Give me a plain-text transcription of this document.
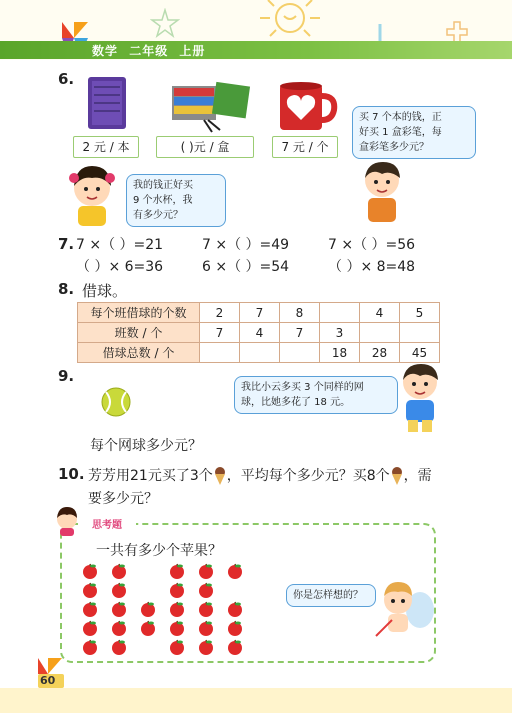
数学 二年级 上册
6.
2 元 / 本	( )元 / 盒	7 元 / 个
买 7 个本的钱，正
好买 1 盒彩笔，每
盒彩笔多少元？
我的钱正好买
9 个水杯，我
有多少元？
7. 7 ×（ ）=21	7 ×（ ）=49	7 ×（ ）=56
（ ）× 6=36	6 ×（ ）=54	（ ）× 8=48
8. 借球。
每个班借球的个数	2	7	8		4	5
班数 / 个	7	4	7	3		
借球总数 / 个				18	28	45
9.
我比小云多买 3 个同样的网
球，比她多花了 18 元。
每个网球多少元？
10. 芳芳用21元买了3个 ，平均每个多少元？买8个 ，需
要多少元？
思考题
一共有多少个苹果？
你是怎样想的？
60
